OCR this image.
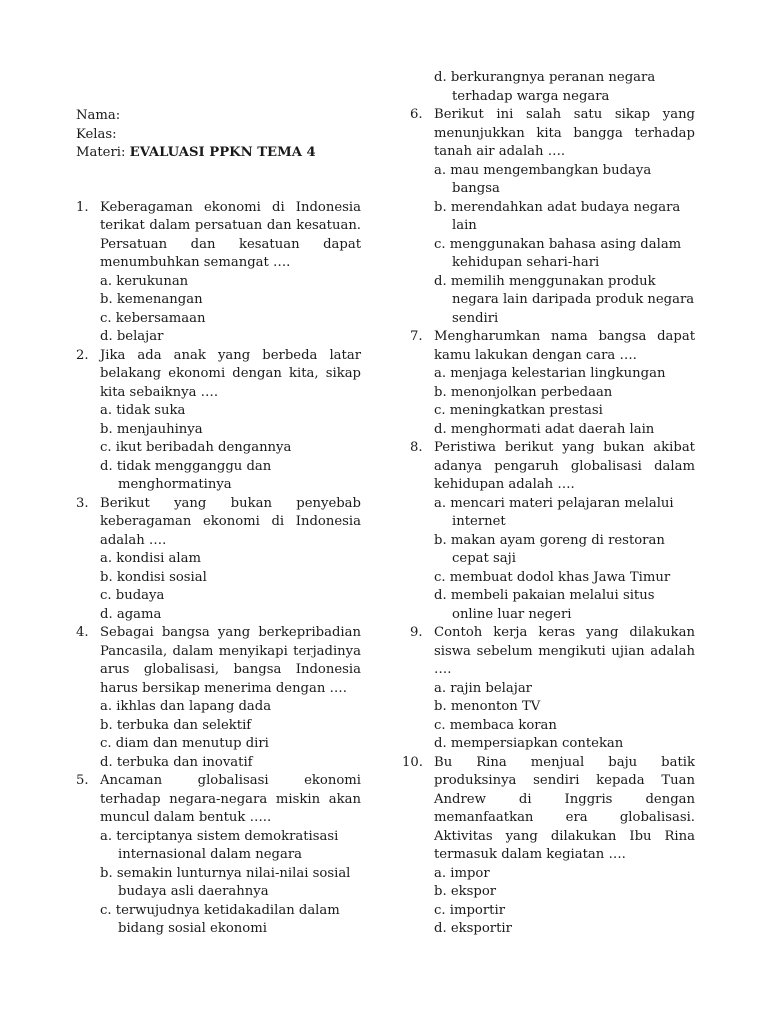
Nama:
Kelas:
Materi: EVALUASI PPKN TEMA 4
1. Keberagaman ekonomi di Indonesia terikat dalam persatuan dan kesatuan. Persatuan dan kesatuan dapat menumbuhkan semangat ….
a. kerukunan
b. kemenangan
c. kebersamaan
d. belajar
2. Jika ada anak yang berbeda latar belakang ekonomi dengan kita, sikap kita sebaiknya ….
a. tidak suka
b. menjauhinya
c. ikut beribadah dengannya
d. tidak mengganggu dan menghormatinya
3. Berikut yang bukan penyebab keberagaman ekonomi di Indonesia adalah ….
a. kondisi alam
b. kondisi sosial
c. budaya
d. agama
4. Sebagai bangsa yang berkepribadian Pancasila, dalam menyikapi terjadinya arus globalisasi, bangsa Indonesia harus bersikap menerima dengan ….
a. ikhlas dan lapang dada
b. terbuka dan selektif
c. diam dan menutup diri
d. terbuka dan inovatif
5. Ancaman globalisasi ekonomi terhadap negara-negara miskin akan muncul dalam bentuk …..
a. terciptanya sistem demokratisasi internasional dalam negara
b. semakin lunturnya nilai-nilai sosial budaya asli daerahnya
c. terwujudnya ketidakadilan dalam bidang sosial ekonomi
d. berkurangnya peranan negara terhadap warga negara
6. Berikut ini salah satu sikap yang menunjukkan kita bangga terhadap tanah air adalah ….
a. mau mengembangkan budaya bangsa
b. merendahkan adat budaya negara lain
c. menggunakan bahasa asing dalam kehidupan sehari-hari
d. memilih menggunakan produk negara lain daripada produk negara sendiri
7. Mengharumkan nama bangsa dapat kamu lakukan dengan cara ….
a. menjaga kelestarian lingkungan
b. menonjolkan perbedaan
c. meningkatkan prestasi
d. menghormati adat daerah lain
8. Peristiwa berikut yang bukan akibat adanya pengaruh globalisasi dalam kehidupan adalah ….
a. mencari materi pelajaran melalui internet
b. makan ayam goreng di restoran cepat saji
c. membuat dodol khas Jawa Timur
d. membeli pakaian melalui situs online luar negeri
9. Contoh kerja keras yang dilakukan siswa sebelum mengikuti ujian adalah ….
a. rajin belajar
b. menonton TV
c. membaca koran
d. mempersiapkan contekan
10. Bu Rina menjual baju batik produksinya sendiri kepada Tuan Andrew di Inggris dengan memanfaatkan era globalisasi. Aktivitas yang dilakukan Ibu Rina termasuk dalam kegiatan ….
a. impor
b. ekspor
c. importir
d. eksportir
